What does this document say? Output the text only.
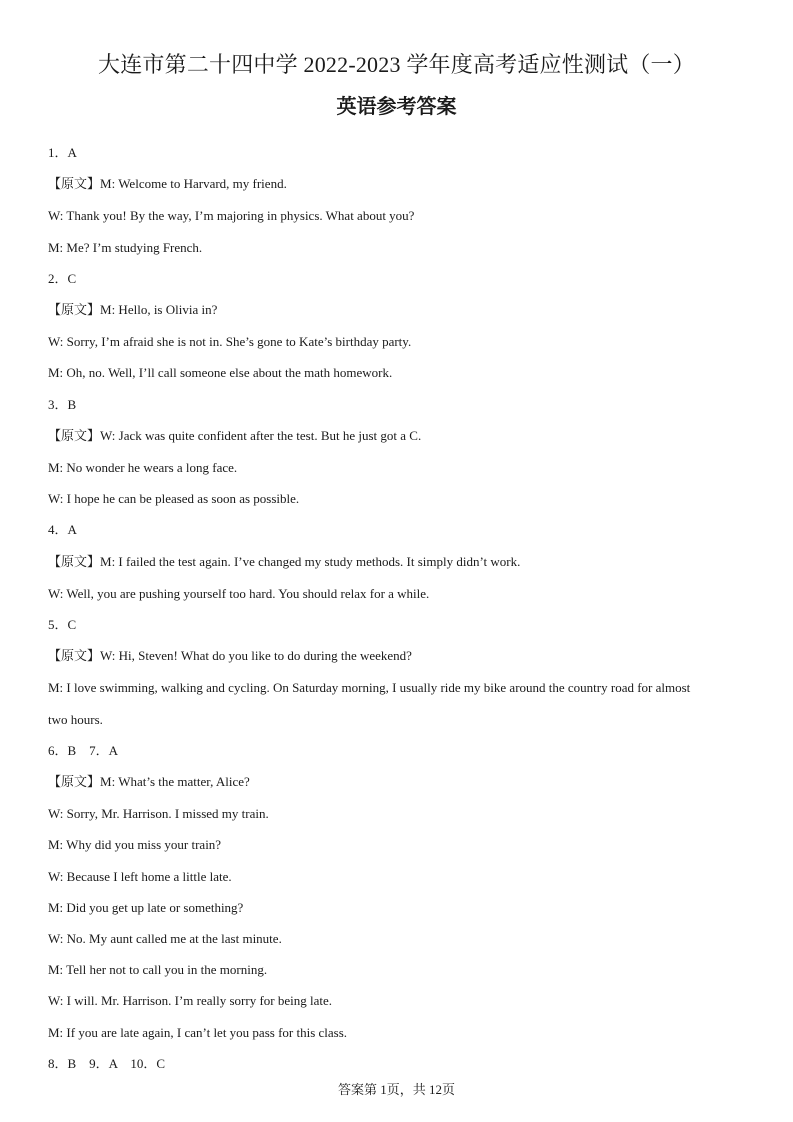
大连市第二十四中学 2022-2023 学年度高考适应性测试（一）
英语参考答案
1．A
【原文】M: Welcome to Harvard, my friend.
W: Thank you! By the way, I’m majoring in physics. What about you?
M: Me? I’m studying French.
2．C
【原文】M: Hello, is Olivia in?
W: Sorry, I’m afraid she is not in. She’s gone to Kate’s birthday party.
M: Oh, no. Well, I’ll call someone else about the math homework.
3．B
【原文】W: Jack was quite confident after the test. But he just got a C.
M: No wonder he wears a long face.
W: I hope he can be pleased as soon as possible.
4．A
【原文】M: I failed the test again. I’ve changed my study methods. It simply didn’t work.
W: Well, you are pushing yourself too hard. You should relax for a while.
5．C
【原文】W: Hi, Steven! What do you like to do during the weekend?
M: I love swimming, walking and cycling. On Saturday morning, I usually ride my bike around the country road for almost
two hours.
6．B　7．A
【原文】M: What’s the matter, Alice?
W: Sorry, Mr. Harrison. I missed my train.
M: Why did you miss your train?
W: Because I left home a little late.
M: Did you get up late or something?
W: No. My aunt called me at the last minute.
M: Tell her not to call you in the morning.
W: I will. Mr. Harrison. I’m really sorry for being late.
M: If you are late again, I can’t let you pass for this class.
8．B　9．A　10．C
答案第 1页，共 12页
